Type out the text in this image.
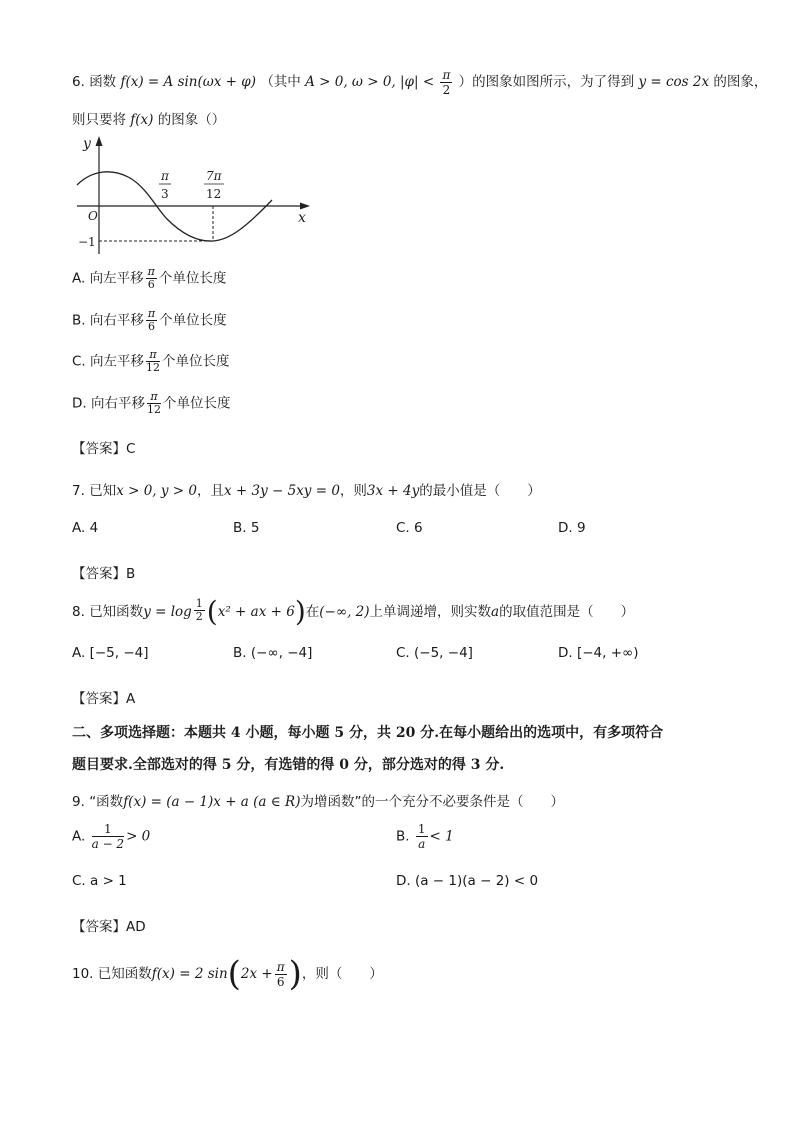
6. 函数 f(x) = A sin(ωx + φ) （其中 A > 0, ω > 0, $|\varphi| < \frac{\pi}{2}$ ）的图象如图所示，为了得到 y = cos 2x 的图象，
则只要将 f(x) 的图象（）
y
x
O
π
3
7π
12
−1
A. 向左平移 $\frac{\pi}{6}$ 个单位长度
B. 向右平移 $\frac{\pi}{6}$ 个单位长度
C. 向左平移 $\frac{\pi}{12}$ 个单位长度
D. 向右平移 $\frac{\pi}{12}$ 个单位长度
【答案】C
7. 已知x > 0, y > 0，且x + 3y − 5xy = 0，则3x + 4y的最小值是（　　）
A. 4	B. 5	C. 6	D. 9
【答案】B
8. 已知函数$y = \log \frac{1}{2} (x^2$ + ax + 6)在(−∞, 2)上单调递增，则实数a的取值范围是（　　）
A. [−5, −4]	B. (−∞, −4]	C. (−5, −4]	D. [−4, +∞)
【答案】A
二、多项选择题：本题共 4 小题，每小题 5 分，共 20 分.在每小题给出的选项中，有多项符合
题目要求.全部选对的得 5 分，有选错的得 0 分，部分选对的得 3 分.
9. “函数f(x) = (a − 1)x + a (a ∈ R)为增函数”的一个充分不必要条件是（　　）
A. $\frac{1}{a - 2} > 0$	B. $\frac{1}{a} < 1$
C. a > 1	D. (a − 1)(a − 2) < 0
【答案】AD
10. 已知函数f(x) = 2 $\sin(2x + \frac{\pi}{6}$ )，则（　　）
